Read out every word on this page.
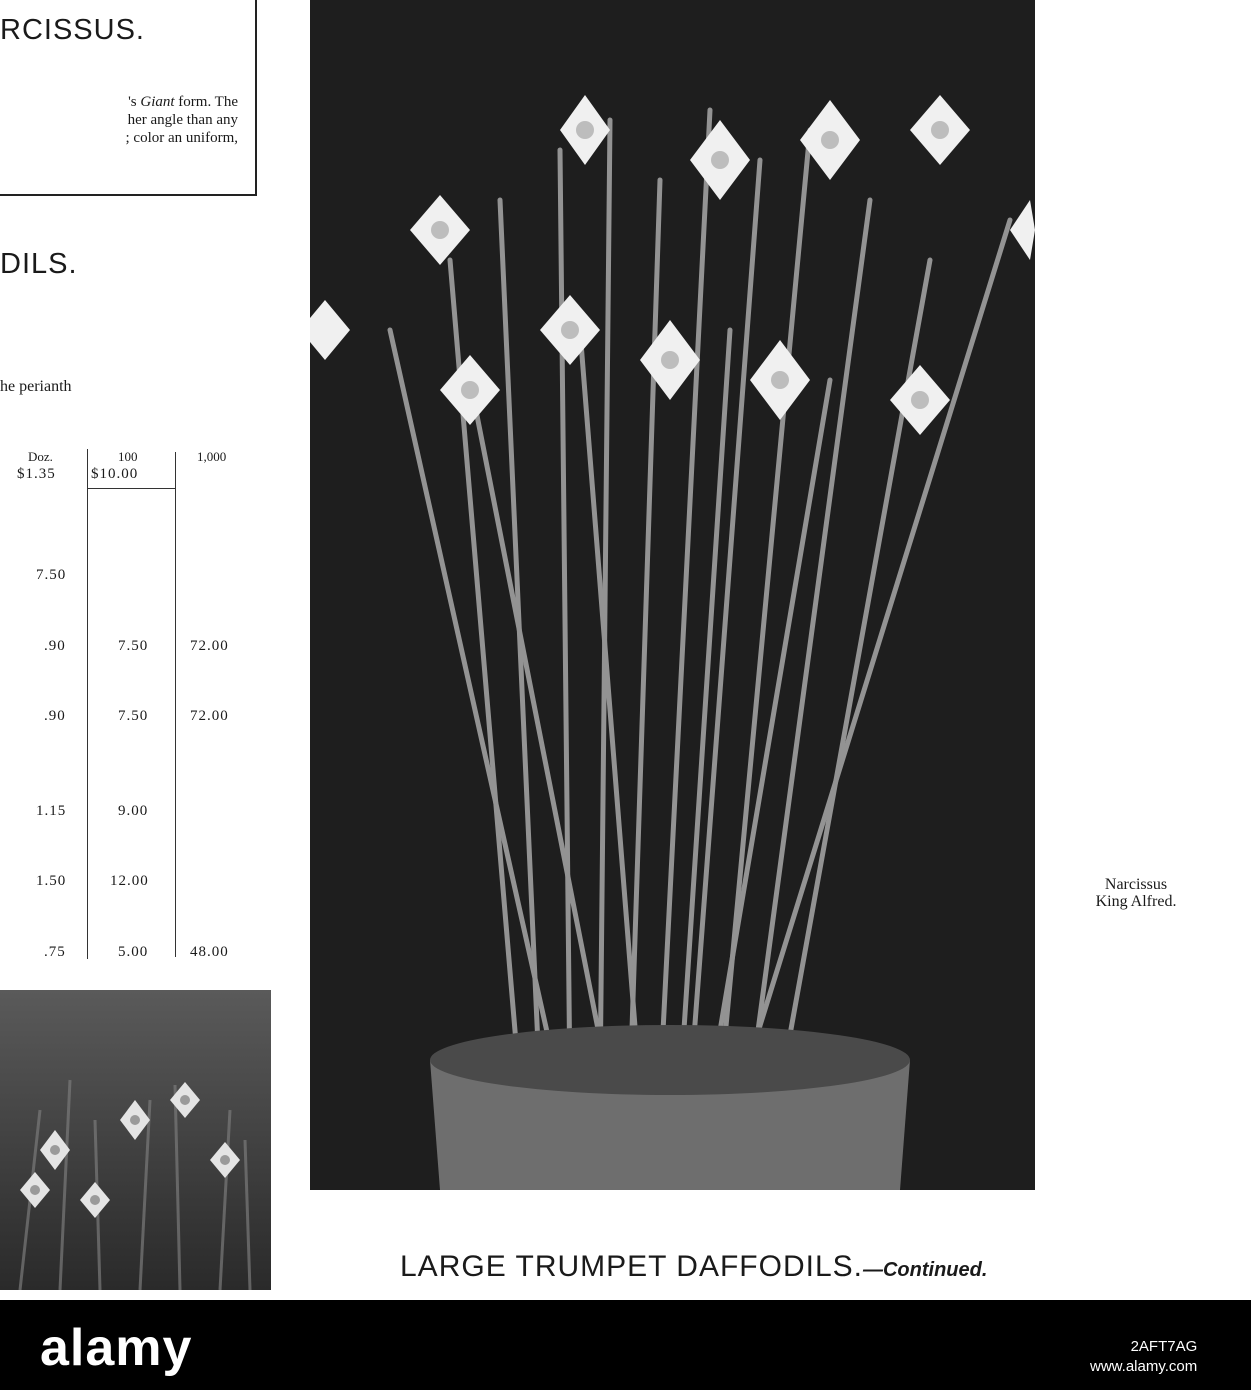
RCISSUS.
's Giant form. The
her angle than any
; color an uniform,
DILS.
he perianth
Doz.	100	1,000
$1.35 $10.00
7.50
.90	7.50	72.00
.90	7.50	72.00
1.15	9.00
1.50	12.00
.75	5.00	48.00
Narcissus
King Alfred.
LARGE TRUMPET DAFFODILS.—Continued.
alamy	2AFT7AG
www.alamy.com
